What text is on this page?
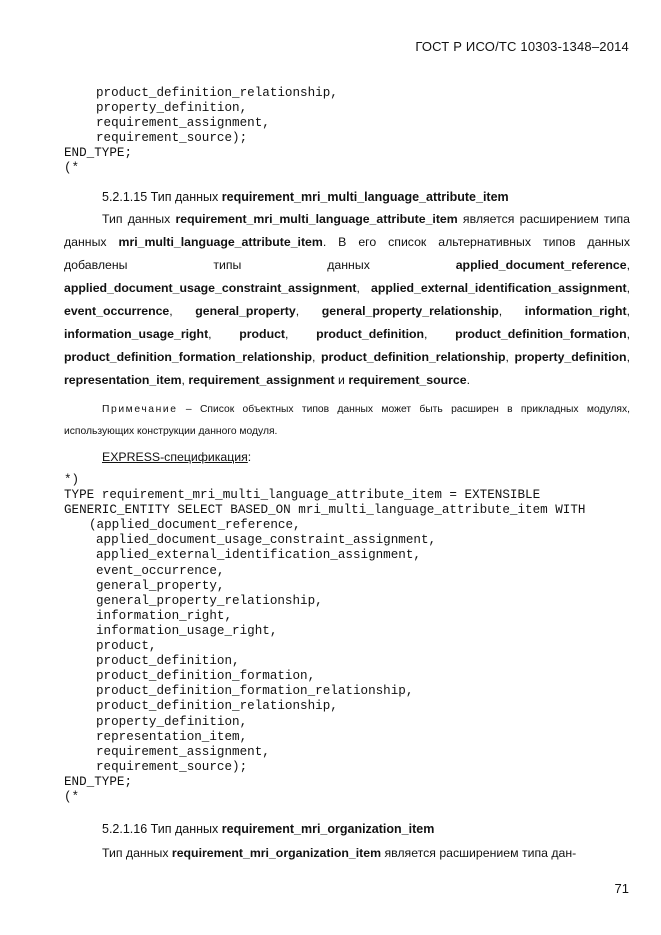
ГОСТ Р ИСО/ТС 10303-1348–2014
product_definition_relationship,
property_definition,
requirement_assignment,
requirement_source);
END_TYPE;
(*
5.2.1.15 Тип данных requirement_mri_multi_language_attribute_item
Тип данных requirement_mri_multi_language_attribute_item является расширением типа данных mri_multi_language_attribute_item. В его список альтернативных типов данных добавлены типы данных applied_document_reference, applied_document_usage_constraint_assignment, applied_external_identification_assignment, event_occurrence, general_property, general_property_relationship, information_right, information_usage_right, product, product_definition, product_definition_formation, product_definition_formation_relationship, product_definition_relationship, property_definition, representation_item, requirement_assignment и requirement_source.
Примечание – Список объектных типов данных может быть расширен в прикладных модулях, использующих конструкции данного модуля.
EXPRESS-спецификация:
*)
TYPE requirement_mri_multi_language_attribute_item = EXTENSIBLE
GENERIC_ENTITY SELECT BASED_ON mri_multi_language_attribute_item WITH
(applied_document_reference,
applied_document_usage_constraint_assignment,
applied_external_identification_assignment,
event_occurrence,
general_property,
general_property_relationship,
information_right,
information_usage_right,
product,
product_definition,
product_definition_formation,
product_definition_formation_relationship,
product_definition_relationship,
property_definition,
representation_item,
requirement_assignment,
requirement_source);
END_TYPE;
(*
5.2.1.16 Тип данных requirement_mri_organization_item
Тип данных requirement_mri_organization_item является расширением типа дан-
71
